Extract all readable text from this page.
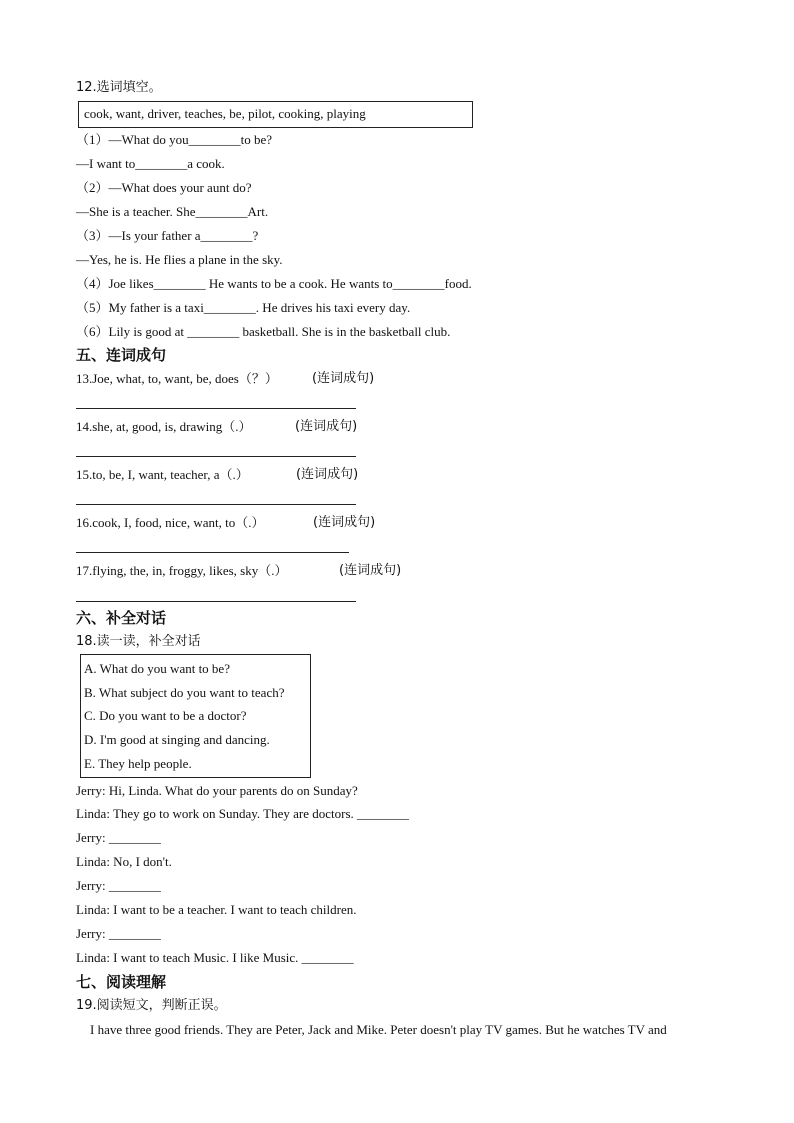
12.选词填空。
cook, want, driver, teaches, be, pilot, cooking, playing
（1）—What do you________to be?
—I want to________a cook.
（2）—What does your aunt do?
—She is a teacher. She________Art.
（3）—Is your father a________?
—Yes, he is. He flies a plane in the sky.
（4）Joe likes________ He wants to be a cook. He wants to________food.
（5）My father is a taxi________. He drives his taxi every day.
（6）Lily is good at ________ basketball. She is in the basketball club.
五、连词成句
13.Joe, what, to, want, be, does（？）	(连词成句)
14.she, at, good, is, drawing（.）	(连词成句)
15.to, be, I, want, teacher, a（.）	(连词成句)
16.cook, I, food, nice, want, to（.）	(连词成句)
17.flying, the, in, froggy, likes, sky（.）	(连词成句)
六、补全对话
18.读一读，补全对话
A. What do you want to be?
B. What subject do you want to teach?
C. Do you want to be a doctor?
D. I'm good at singing and dancing.
E. They help people.
Jerry: Hi, Linda. What do your parents do on Sunday?
Linda: They go to work on Sunday. They are doctors. ________
Jerry: ________
Linda: No, I don't.
Jerry: ________
Linda: I want to be a teacher. I want to teach children.
Jerry: ________
Linda: I want to teach Music. I like Music. ________
七、阅读理解
19.阅读短文，判断正误。
I have three good friends. They are Peter, Jack and Mike. Peter doesn't play TV games. But he watches TV and
